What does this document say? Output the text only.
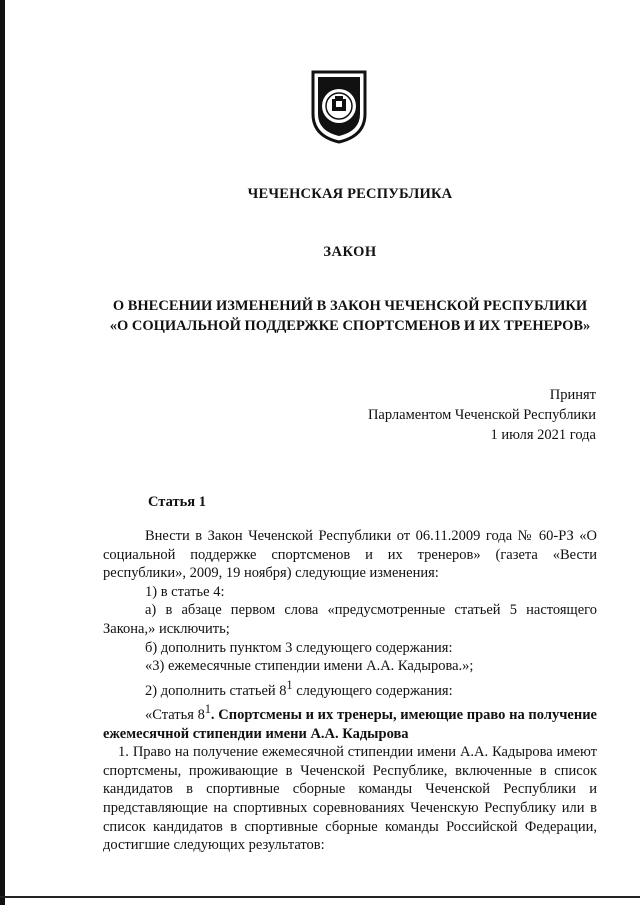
ЧЕЧЕНСКАЯ РЕСПУБЛИКА
ЗАКОН
О ВНЕСЕНИИ ИЗМЕНЕНИЙ В ЗАКОН ЧЕЧЕНСКОЙ РЕСПУБЛИКИ
«О СОЦИАЛЬНОЙ ПОДДЕРЖКЕ СПОРТСМЕНОВ И ИХ ТРЕНЕРОВ»
Принят
Парламентом Чеченской Республики
1 июля 2021 года
Статья 1

Внести в Закон Чеченской Республики от 06.11.2009 года № 60-РЗ «О социальной поддержке спортсменов и их тренеров» (газета «Вести республики», 2009, 19 ноября) следующие изменения:

1) в статье 4:

а) в абзаце первом слова «предусмотренные статьей 5 настоящего Закона,» исключить;

б) дополнить пунктом 3 следующего содержания:

«3) ежемесячные стипендии имени А.А. Кадырова.»;

2) дополнить статьей $8^1$ следующего содержания:

«Статья $8^1$. Спортсмены и их тренеры, имеющие право на получение ежемесячной стипендии имени А.А. Кадырова

1. Право на получение ежемесячной стипендии имени А.А. Кадырова имеют спортсмены, проживающие в Чеченской Республике, включенные в список кандидатов в спортивные сборные команды Чеченской Республики и представляющие на спортивных соревнованиях Чеченскую Республику или в список кандидатов в спортивные сборные команды Российской Федерации, достигшие следующих результатов:
